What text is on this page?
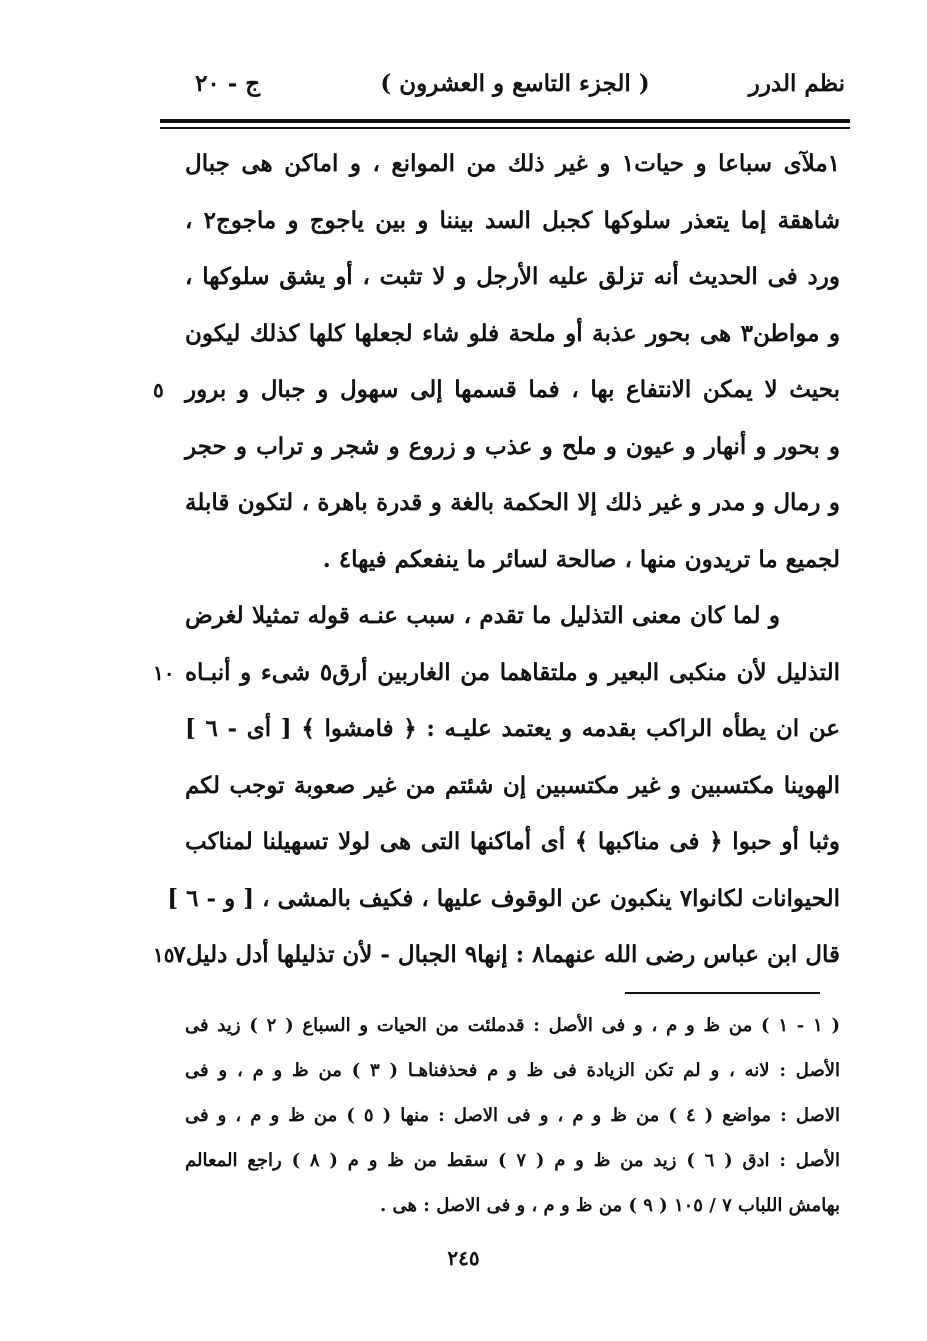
نظم الدرر
( الجزء التاسع و العشرون )
ج - ٢٠
١ملآى سباعا و حيات١ و غير ذلك من الموانع ، و اماكن هى جبال
شاهقة إما يتعذر سلوكها كجبل السد بيننا و بين ياجوج و ماجوج٢ ،
ورد فى الحديث أنه تزلق عليه الأرجل و لا تثبت ، أو يشق سلوكها ،
و مواطن٣ هى بحور عذبة أو ملحة فلو شاء لجعلها كلها كذلك ليكون
بحيث لا يمكن الانتفاع بها ، فما قسمها إلى سهول و جبال و برور
٥
و بحور و أنهار و عيون و ملح و عذب و زروع و شجر و تراب و حجر
و رمال و مدر و غير ذلك إلا الحكمة بالغة و قدرة باهرة ، لتكون قابلة
لجميع ما تريدون منها ، صالحة لسائر ما ينفعكم فيها٤ .
و لما كان معنى التذليل ما تقدم ، سبب عنـه قوله تمثيلا لغرض
التذليل لأن منكبى البعير و ملتقاهما من الغاربين أرق٥ شىء و أنبـاه
١٠
عن ان يطأه الراكب بقدمه و يعتمد عليـه : ﴿ فامشوا ﴾ [ أى - ٦ ]
الهوينا مكتسبين و غير مكتسبين إن شئتم من غير صعوبة توجب لكم
وثبا أو حبوا ﴿ فى مناكبها ﴾ أى أماكنها التى هى لولا تسهيلنا لمناكب
الحيوانات لكانوا٧ ينكبون عن الوقوف عليها ، فكيف بالمشى ، [ و - ٦ ]
قال ابن عباس رضى الله عنهما٨ : إنها٩ الجبال - لأن تذليلها أدل دليل٧
١٥
( ١ - ١ ) من ظ و م ، و فى الأصل : قدملئت من الحيات و السباع ( ٢ ) زيد فى
الأصل : لانه ، و لم تكن الزيادة فى ظ و م فحذفناهـا ( ٣ ) من ظ و م ، و فى
الاصل : مواضع ( ٤ ) من ظ و م ، و فى الاصل : منها ( ٥ ) من ظ و م ، و فى
الأصل : ادق ( ٦ ) زيد من ظ و م ( ٧ ) سقط من ظ و م ( ٨ ) راجع المعالم
بهامش اللباب ٧ / ١٠٥ ( ٩ ) من ظ و م ، و فى الاصل : هى .
٢٤٥
